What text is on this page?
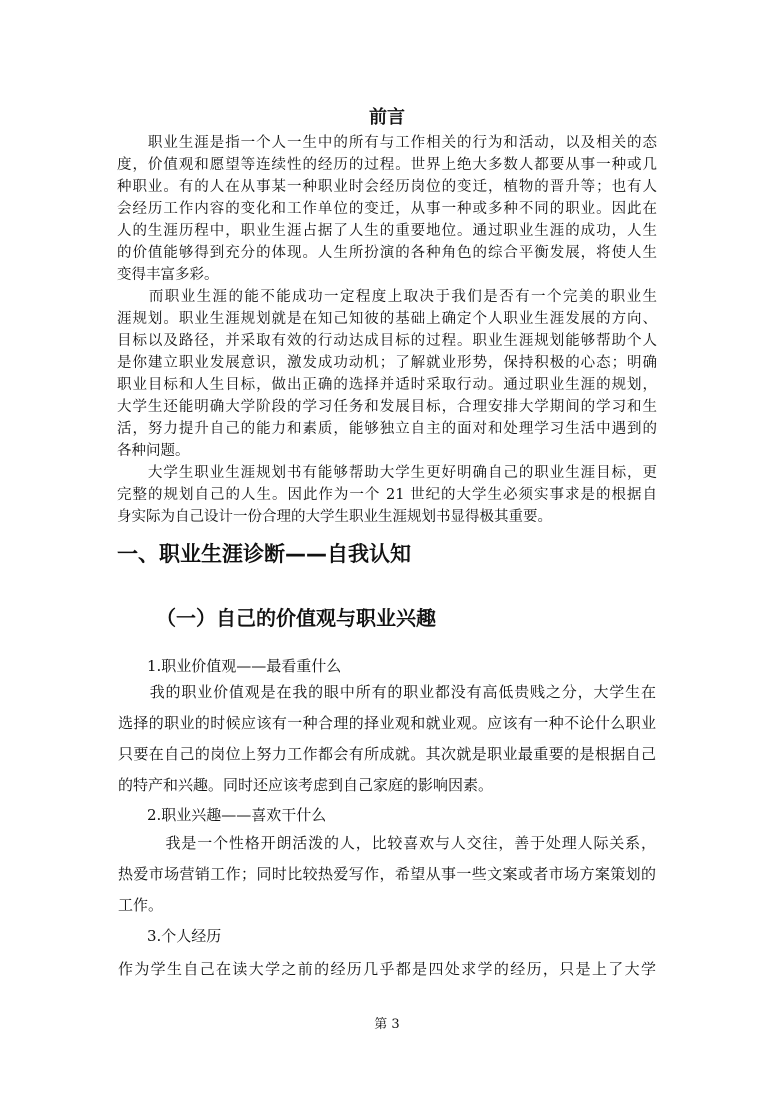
前言
　　职业生涯是指一个人一生中的所有与工作相关的行为和活动，以及相关的态
度，价值观和愿望等连续性的经历的过程。世界上绝大多数人都要从事一种或几
种职业。有的人在从事某一种职业时会经历岗位的变迁，植物的晋升等；也有人
会经历工作内容的变化和工作单位的变迁，从事一种或多种不同的职业。因此在
人的生涯历程中，职业生涯占据了人生的重要地位。通过职业生涯的成功，人生
的价值能够得到充分的体现。人生所扮演的各种角色的综合平衡发展，将使人生
变得丰富多彩。
　　而职业生涯的能不能成功一定程度上取决于我们是否有一个完美的职业生
涯规划。职业生涯规划就是在知己知彼的基础上确定个人职业生涯发展的方向、
目标以及路径，并采取有效的行动达成目标的过程。职业生涯规划能够帮助个人
是你建立职业发展意识，激发成功动机；了解就业形势，保持积极的心态；明确
职业目标和人生目标，做出正确的选择并适时采取行动。通过职业生涯的规划，
大学生还能明确大学阶段的学习任务和发展目标，合理安排大学期间的学习和生
活，努力提升自己的能力和素质，能够独立自主的面对和处理学习生活中遇到的
各种问题。
　　大学生职业生涯规划书有能够帮助大学生更好明确自己的职业生涯目标，更
完整的规划自己的人生。因此作为一个 21 世纪的大学生必须实事求是的根据自
身实际为自己设计一份合理的大学生职业生涯规划书显得极其重要。
一、职业生涯诊断——自我认知
（一）自己的价值观与职业兴趣
1.职业价值观——最看重什么
　　我的职业价值观是在我的眼中所有的职业都没有高低贵贱之分，大学生在
选择的职业的时候应该有一种合理的择业观和就业观。应该有一种不论什么职业
只要在自己的岗位上努力工作都会有所成就。其次就是职业最重要的是根据自己
的特产和兴趣。同时还应该考虑到自己家庭的影响因素。
2.职业兴趣——喜欢干什么
　　　我是一个性格开朗活泼的人，比较喜欢与人交往，善于处理人际关系，
热爱市场营销工作；同时比较热爱写作，希望从事一些文案或者市场方案策划的
工作。
3.个人经历
作为学生自己在读大学之前的经历几乎都是四处求学的经历，只是上了大学
第 3
